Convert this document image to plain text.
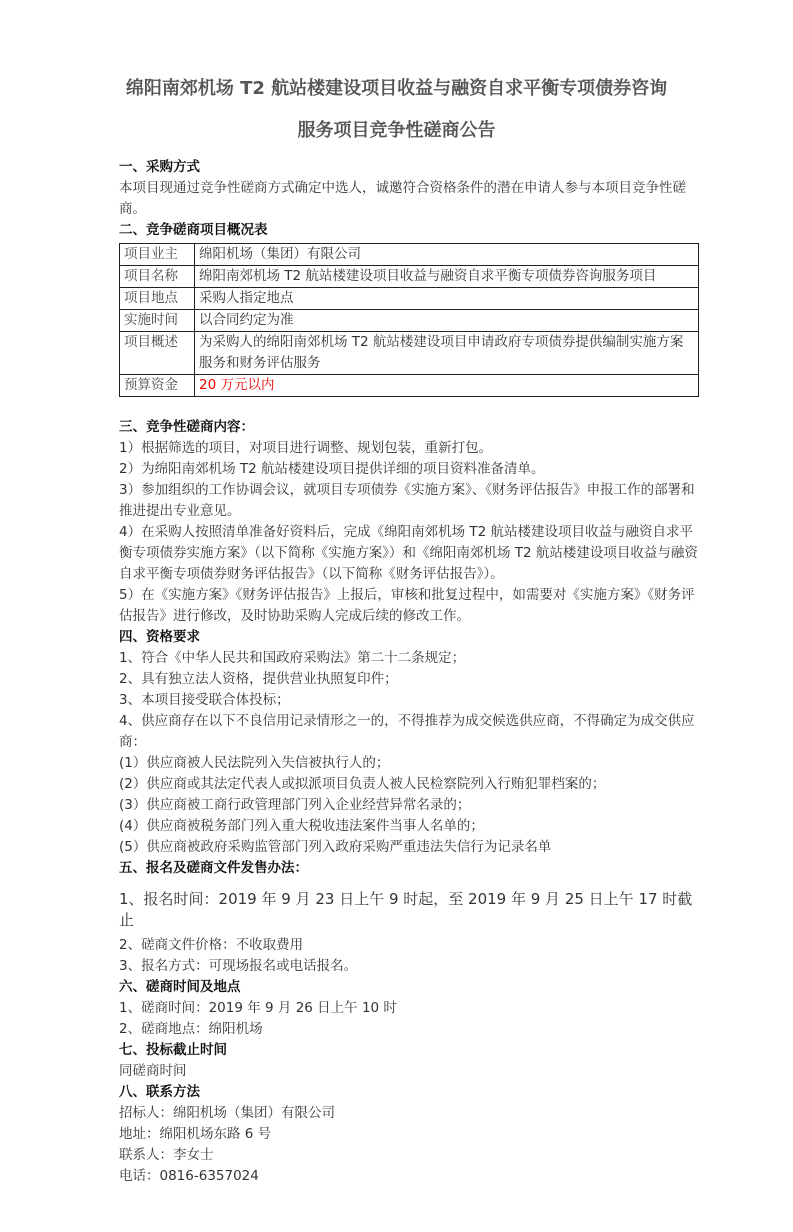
绵阳南郊机场 T2 航站楼建设项目收益与融资自求平衡专项债券咨询
服务项目竞争性磋商公告
一、采购方式
本项目现通过竞争性磋商方式确定中选人，诚邀符合资格条件的潜在申请人参与本项目竞争性磋商。
二、竞争磋商项目概况表
项目业主	绵阳机场（集团）有限公司
项目名称	绵阳南郊机场 T2 航站楼建设项目收益与融资自求平衡专项债券咨询服务项目
项目地点	采购人指定地点
实施时间	以合同约定为准
项目概述	为采购人的绵阳南郊机场 T2 航站楼建设项目申请政府专项债券提供编制实施方案服务和财务评估服务
预算资金	20 万元以内
三、竞争性磋商内容：
1）根据筛选的项目，对项目进行调整、规划包装，重新打包。
2）为绵阳南郊机场 T2 航站楼建设项目提供详细的项目资料准备清单。
3）参加组织的工作协调会议，就项目专项债券《实施方案》、《财务评估报告》申报工作的部署和推进提出专业意见。
4）在采购人按照清单准备好资料后，完成《绵阳南郊机场 T2 航站楼建设项目收益与融资自求平衡专项债券实施方案》（以下简称《实施方案》）和《绵阳南郊机场 T2 航站楼建设项目收益与融资自求平衡专项债券财务评估报告》（以下简称《财务评估报告》）。
5）在《实施方案》《财务评估报告》上报后，审核和批复过程中，如需要对《实施方案》《财务评估报告》进行修改，及时协助采购人完成后续的修改工作。
四、资格要求
1、符合《中华人民共和国政府采购法》第二十二条规定；
2、具有独立法人资格，提供营业执照复印件；
3、本项目接受联合体投标；
4、供应商存在以下不良信用记录情形之一的，不得推荐为成交候选供应商，不得确定为成交供应商：
(1）供应商被人民法院列入失信被执行人的；
(2）供应商或其法定代表人或拟派项目负责人被人民检察院列入行贿犯罪档案的；
(3）供应商被工商行政管理部门列入企业经营异常名录的；
(4）供应商被税务部门列入重大税收违法案件当事人名单的；
(5）供应商被政府采购监管部门列入政府采购严重违法失信行为记录名单
五、报名及磋商文件发售办法：
1、报名时间：2019 年 9 月 23 日上午 9 时起，至 2019 年 9 月 25 日上午 17 时截止
2、磋商文件价格：不收取费用
3、报名方式：可现场报名或电话报名。
六、磋商时间及地点
1、磋商时间：2019 年 9 月 26 日上午 10 时
2、磋商地点：绵阳机场
七、投标截止时间
同磋商时间
八、联系方法
招标人：绵阳机场（集团）有限公司
地址：绵阳机场东路 6 号
联系人：李女士
电话：0816-6357024
